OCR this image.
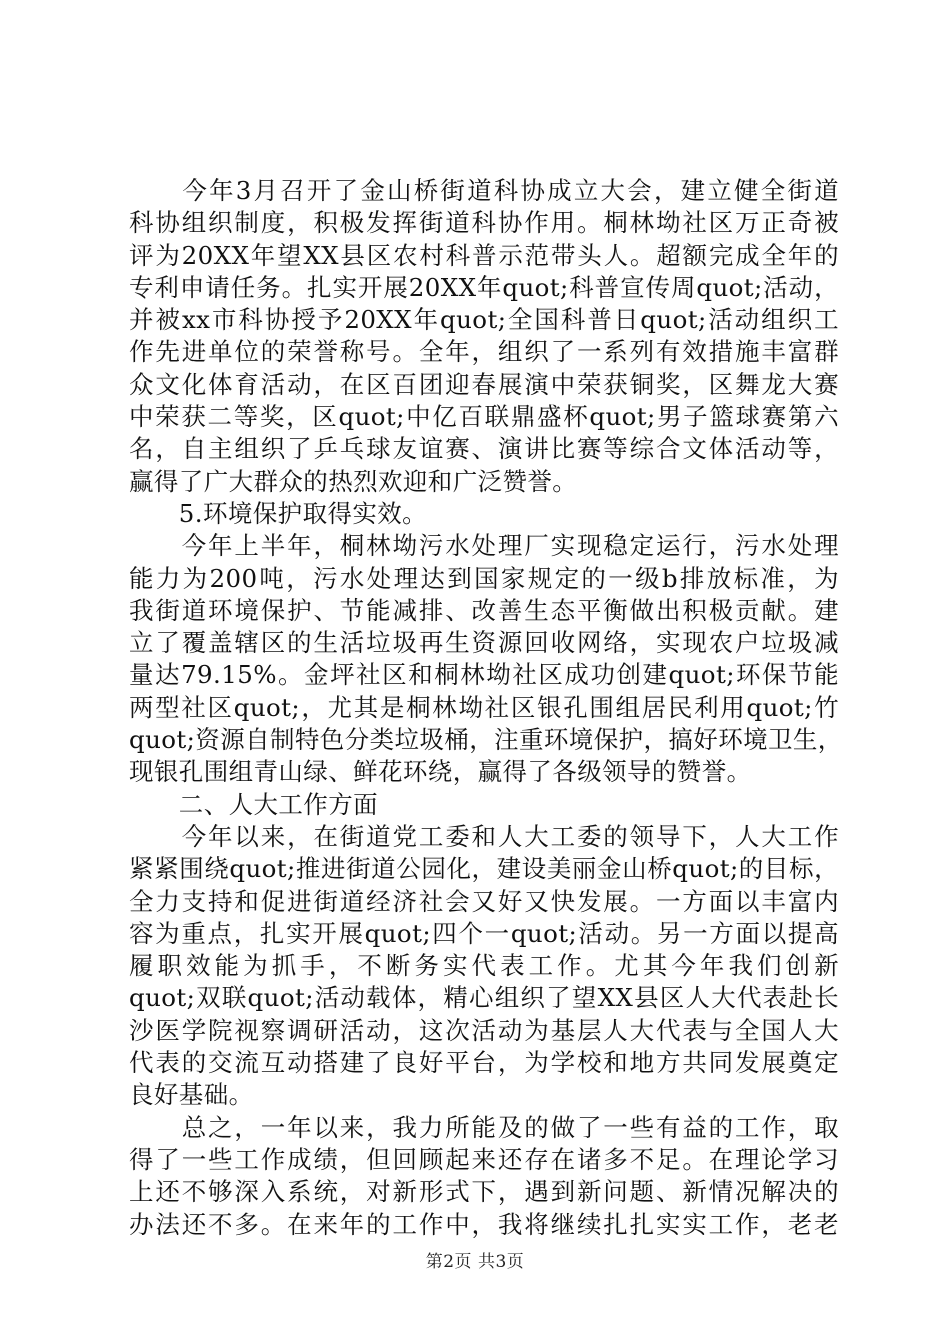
　　今年3月召开了金山桥街道科协成立大会，建立健全街道
科协组织制度，积极发挥街道科协作用。桐林坳社区万正奇被
评为20XX年望XX县区农村科普示范带头人。超额完成全年的
专利申请任务。扎实开展20XX年quot;科普宣传周quot;活动，
并被xx市科协授予20XX年quot;全国科普日quot;活动组织工
作先进单位的荣誉称号。全年，组织了一系列有效措施丰富群
众文化体育活动，在区百团迎春展演中荣获铜奖，区舞龙大赛
中荣获二等奖，区quot;中亿百联鼎盛杯quot;男子篮球赛第六
名，自主组织了乒乓球友谊赛、演讲比赛等综合文体活动等，
赢得了广大群众的热烈欢迎和广泛赞誉。
　　5.环境保护取得实效。
　　今年上半年，桐林坳污水处理厂实现稳定运行，污水处理
能力为200吨，污水处理达到国家规定的一级b排放标准，为
我街道环境保护、节能减排、改善生态平衡做出积极贡献。建
立了覆盖辖区的生活垃圾再生资源回收网络，实现农户垃圾减
量达79.15%。金坪社区和桐林坳社区成功创建quot;环保节能
两型社区quot;，尤其是桐林坳社区银孔围组居民利用quot;竹
quot;资源自制特色分类垃圾桶，注重环境保护，搞好环境卫生，
现银孔围组青山绿、鲜花环绕，赢得了各级领导的赞誉。
　　二、人大工作方面
　　今年以来，在街道党工委和人大工委的领导下，人大工作
紧紧围绕quot;推进街道公园化，建设美丽金山桥quot;的目标，
全力支持和促进街道经济社会又好又快发展。一方面以丰富内
容为重点，扎实开展quot;四个一quot;活动。另一方面以提高
履职效能为抓手，不断务实代表工作。尤其今年我们创新
quot;双联quot;活动载体，精心组织了望XX县区人大代表赴长
沙医学院视察调研活动，这次活动为基层人大代表与全国人大
代表的交流互动搭建了良好平台，为学校和地方共同发展奠定
良好基础。
　　总之，一年以来，我力所能及的做了一些有益的工作，取
得了一些工作成绩，但回顾起来还存在诸多不足。在理论学习
上还不够深入系统，对新形式下，遇到新问题、新情况解决的
办法还不多。在来年的工作中，我将继续扎扎实实工作，老老
第2页 共3页
